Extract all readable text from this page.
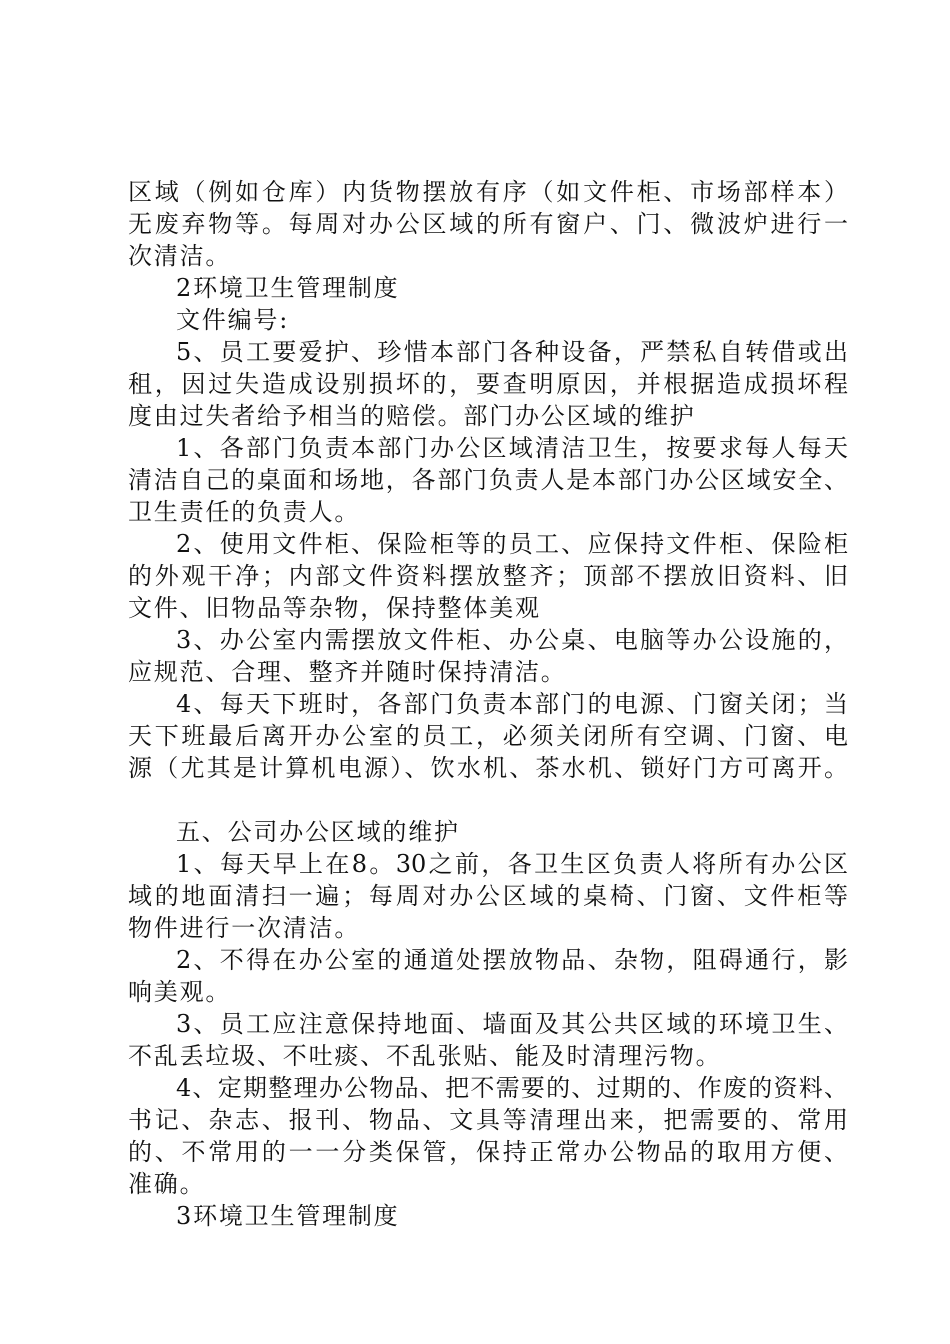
区域（例如仓库）内货物摆放有序（如文件柜、市场部样本）
无废弃物等。每周对办公区域的所有窗户、门、微波炉进行一
次清洁。
2环境卫生管理制度
文件编号:
5、员工要爱护、珍惜本部门各种设备，严禁私自转借或出
租，因过失造成设别损坏的，要查明原因，并根据造成损坏程
度由过失者给予相当的赔偿。部门办公区域的维护
1、各部门负责本部门办公区域清洁卫生，按要求每人每天
清洁自己的桌面和场地，各部门负责人是本部门办公区域安全、
卫生责任的负责人。
2、使用文件柜、保险柜等的员工、应保持文件柜、保险柜
的外观干净；内部文件资料摆放整齐；顶部不摆放旧资料、旧
文件、旧物品等杂物，保持整体美观
3、办公室内需摆放文件柜、办公桌、电脑等办公设施的，
应规范、合理、整齐并随时保持清洁。
4、每天下班时，各部门负责本部门的电源、门窗关闭；当
天下班最后离开办公室的员工，必须关闭所有空调、门窗、电
源（尤其是计算机电源）、饮水机、茶水机、锁好门方可离开。
五、公司办公区域的维护
1、每天早上在8。30之前，各卫生区负责人将所有办公区
域的地面清扫一遍；每周对办公区域的桌椅、门窗、文件柜等
物件进行一次清洁。
2、不得在办公室的通道处摆放物品、杂物，阻碍通行，影
响美观。
3、员工应注意保持地面、墙面及其公共区域的环境卫生、
不乱丢垃圾、不吐痰、不乱张贴、能及时清理污物。
4、定期整理办公物品、把不需要的、过期的、作废的资料、
书记、杂志、报刊、物品、文具等清理出来，把需要的、常用
的、不常用的一一分类保管，保持正常办公物品的取用方便、
准确。
3环境卫生管理制度
